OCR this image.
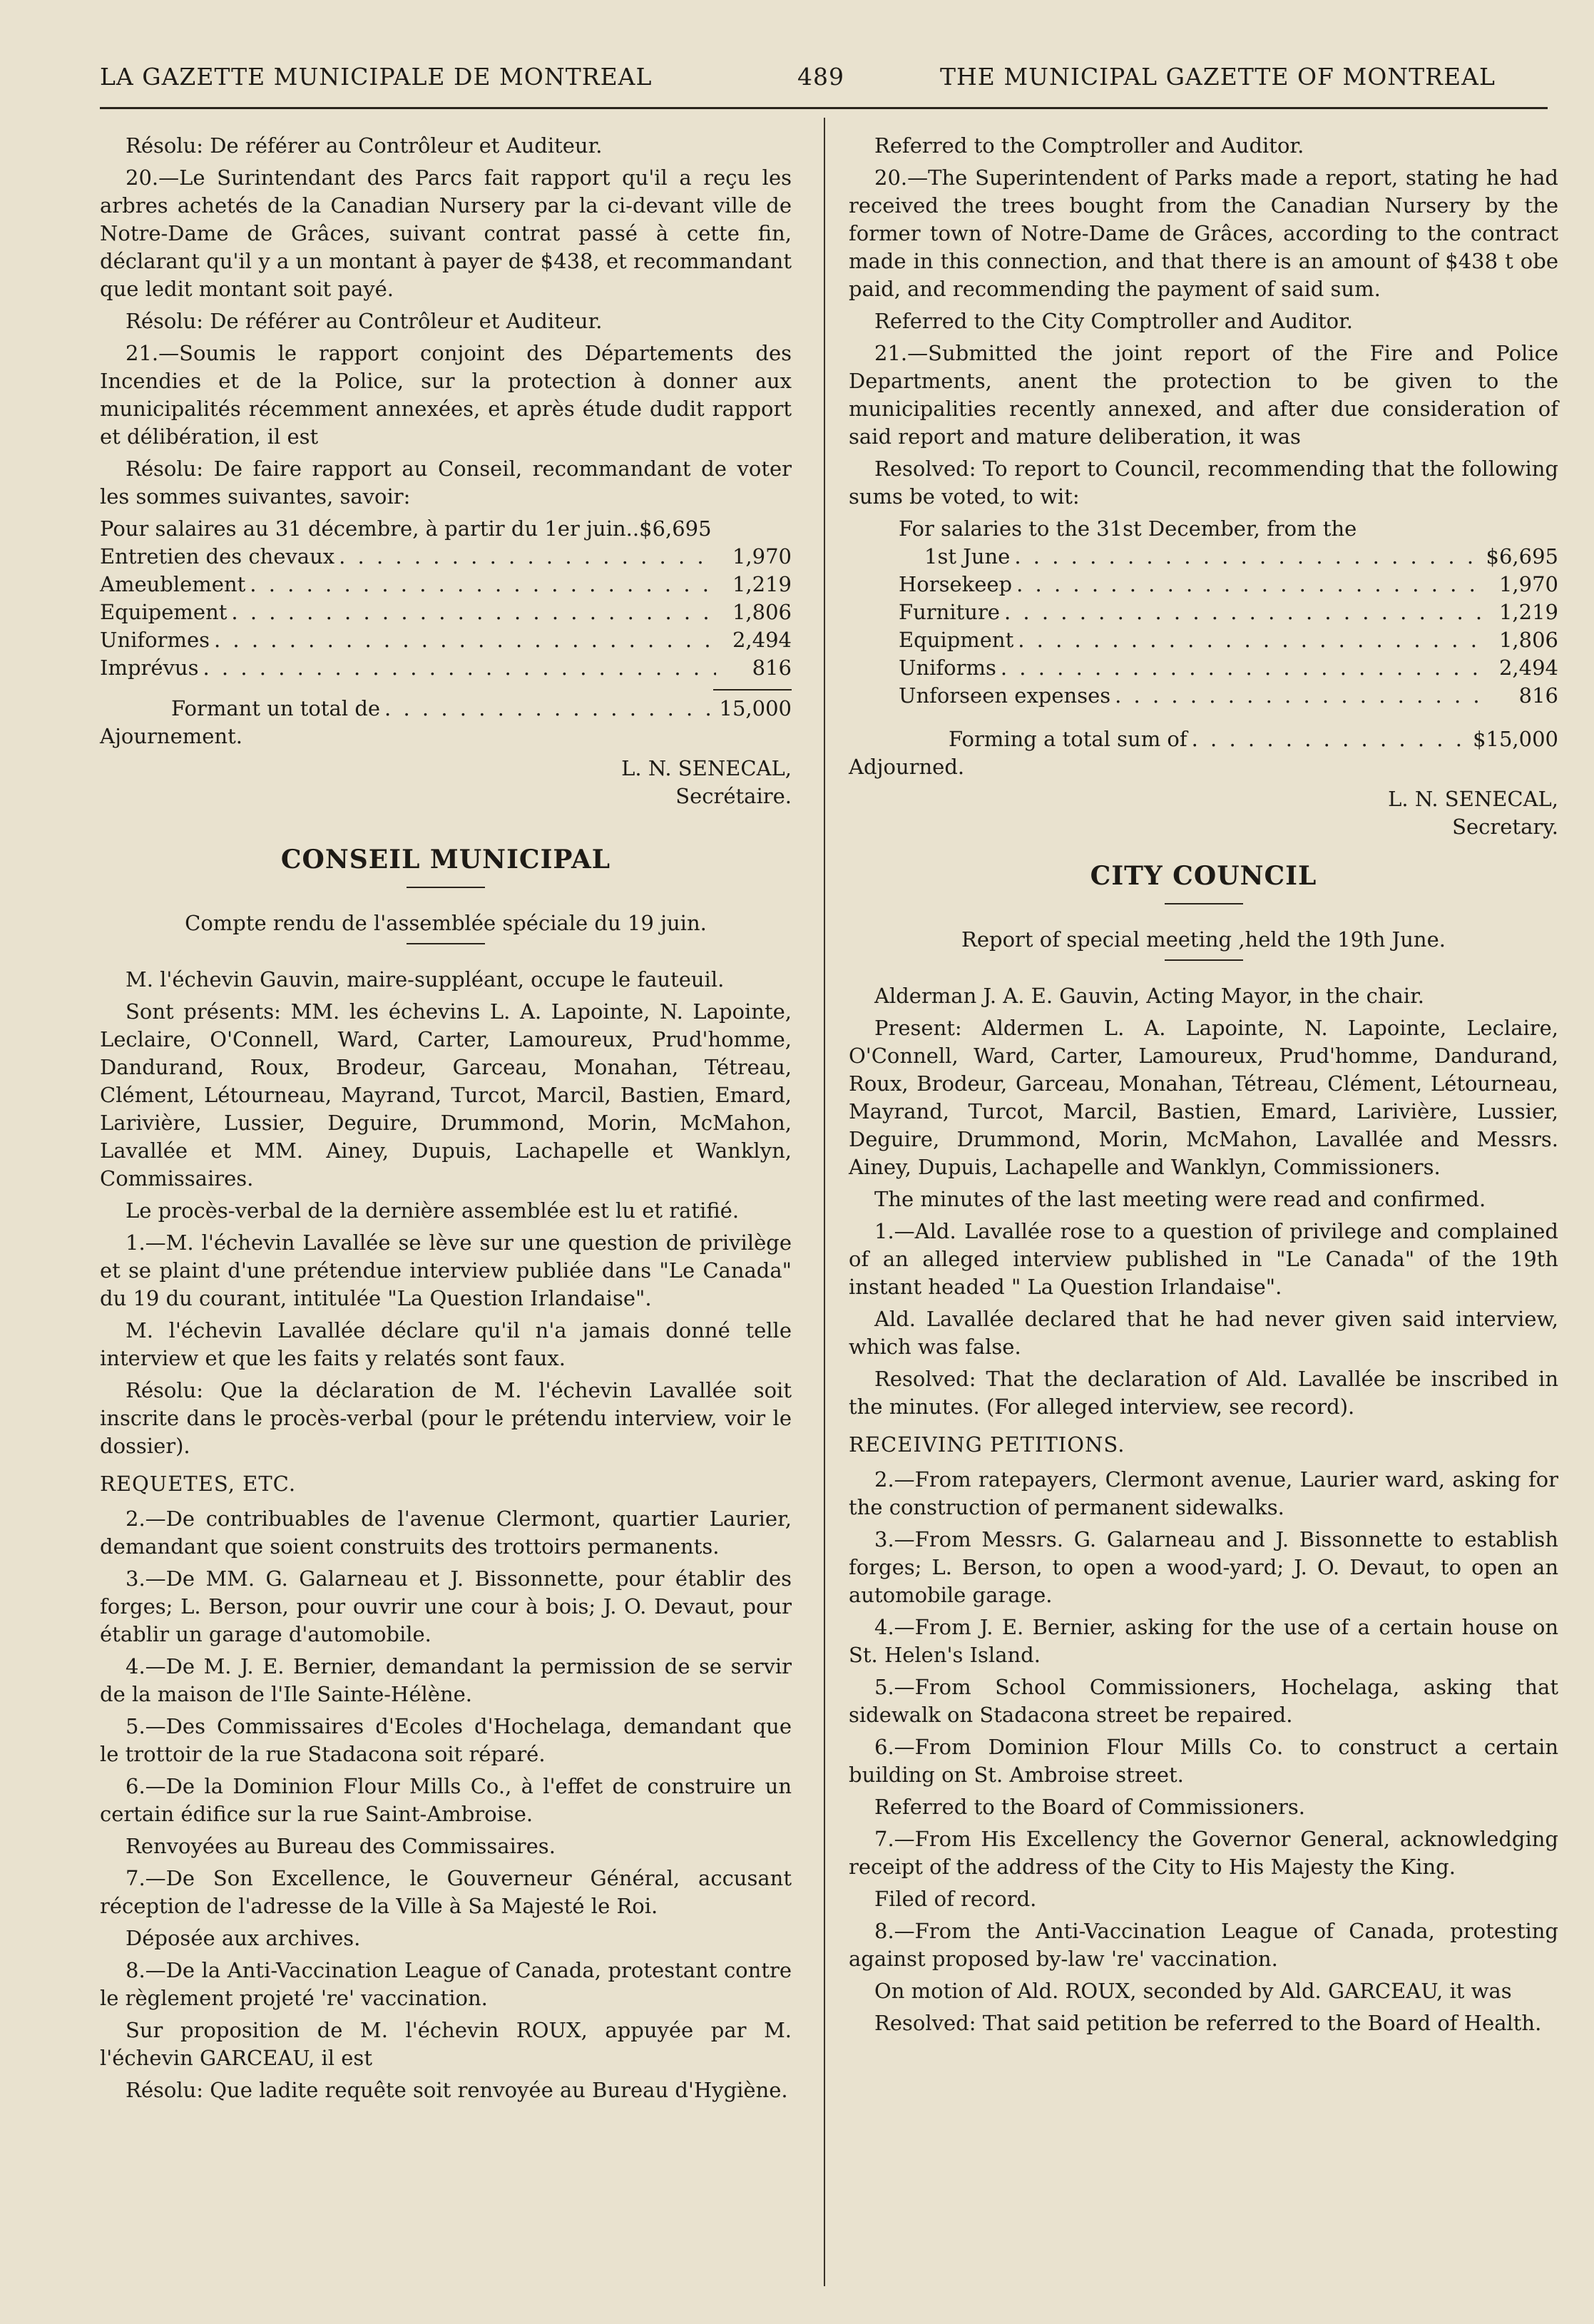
LA GAZETTE MUNICIPALE DE MONTREAL	489	THE MUNICIPAL GAZETTE OF MONTREAL

Résolu: De référer au Contrôleur et Auditeur.

20.—Le Surintendant des Parcs fait rapport qu'il a reçu les arbres achetés de la Canadian Nursery par la ci-devant ville de Notre-Dame de Grâces, suivant contrat passé à cette fin, déclarant qu'il y a un montant à payer de $438, et recommandant que ledit montant soit payé.

Résolu: De référer au Contrôleur et Auditeur.

21.—Soumis le rapport conjoint des Départements des Incendies et de la Police, sur la protection à donner aux municipalités récemment annexées, et après étude dudit rapport et délibération, il est

Résolu: De faire rapport au Conseil, recommandant de voter les sommes suivantes, savoir:

Pour salaires au 31 décembre, à partir du 1er juin.. $6,695
Entretien des chevaux . . .	1,970
Ameublement . . .	1,219
Equipement . . .	1,806
Uniformes . . .	2,494
Imprévus . . .	816
Formant un total de . . .	15,000

Ajournement.

L. N. SENECAL,

Secrétaire.

CONSEIL MUNICIPAL

Compte rendu de l'assemblée spéciale du 19 juin.

M. l'échevin Gauvin, maire-suppléant, occupe le fauteuil.

Sont présents: MM. les échevins L. A. Lapointe, N. Lapointe, Leclaire, O'Connell, Ward, Carter, Lamoureux, Prud'homme, Dandurand, Roux, Brodeur, Garceau, Monahan, Tétreau, Clément, Létourneau, Mayrand, Turcot, Marcil, Bastien, Emard, Larivière, Lussier, Deguire, Drummond, Morin, McMahon, Lavallée et MM. Ainey, Dupuis, Lachapelle et Wanklyn, Commissaires.

Le procès-verbal de la dernière assemblée est lu et ratifié.

1.—M. l'échevin Lavallée se lève sur une question de privilège et se plaint d'une prétendue interview publiée dans "Le Canada" du 19 du courant, intitulée "La Question Irlandaise".

M. l'échevin Lavallée déclare qu'il n'a jamais donné telle interview et que les faits y relatés sont faux.

Résolu: Que la déclaration de M. l'échevin Lavallée soit inscrite dans le procès-verbal (pour le prétendu interview, voir le dossier).

REQUETES, ETC.

2.—De contribuables de l'avenue Clermont, quartier Laurier, demandant que soient construits des trottoirs permanents.

3.—De MM. G. Galarneau et J. Bissonnette, pour établir des forges; L. Berson, pour ouvrir une cour à bois; J. O. Devaut, pour établir un garage d'automobile.

4.—De M. J. E. Bernier, demandant la permission de se servir de la maison de l'Ile Sainte-Hélène.

5.—Des Commissaires d'Ecoles d'Hochelaga, demandant que le trottoir de la rue Stadacona soit réparé.

6.—De la Dominion Flour Mills Co., à l'effet de construire un certain édifice sur la rue Saint-Ambroise.

Renvoyées au Bureau des Commissaires.

7.—De Son Excellence, le Gouverneur Général, accusant réception de l'adresse de la Ville à Sa Majesté le Roi.

Déposée aux archives.

8.—De la Anti-Vaccination League of Canada, protestant contre le règlement projeté 're' vaccination.

Sur proposition de M. l'échevin ROUX, appuyée par M. l'échevin GARCEAU, il est

Résolu: Que ladite requête soit renvoyée au Bureau d'Hygiène.

Referred to the Comptroller and Auditor.

20.—The Superintendent of Parks made a report, stating he had received the trees bought from the Canadian Nursery by the former town of Notre-Dame de Grâces, according to the contract made in this connection, and that there is an amount of $438 t obe paid, and recommending the payment of said sum.

Referred to the City Comptroller and Auditor.

21.—Submitted the joint report of the Fire and Police Departments, anent the protection to be given to the municipalities recently annexed, and after due consideration of said report and mature deliberation, it was

Resolved: To report to Council, recommending that the following sums be voted, to wit:

For salaries to the 31st December, from the

1st June . . .	$6,695
Horsekeep . . .	1,970
Furniture . . .	1,219
Equipment . . .	1,806
Uniforms . . .	2,494
Unforseen expenses . . .	816
Forming a total sum of . . .	$15,000

Adjourned.

L. N. SENECAL,

Secretary.

CITY COUNCIL

Report of special meeting ,held the 19th June.

Alderman J. A. E. Gauvin, Acting Mayor, in the chair.

Present: Aldermen L. A. Lapointe, N. Lapointe, Leclaire, O'Connell, Ward, Carter, Lamoureux, Prud'homme, Dandurand, Roux, Brodeur, Garceau, Monahan, Tétreau, Clément, Létourneau, Mayrand, Turcot, Marcil, Bastien, Emard, Larivière, Lussier, Deguire, Drummond, Morin, McMahon, Lavallée and Messrs. Ainey, Dupuis, Lachapelle and Wanklyn, Commissioners.

The minutes of the last meeting were read and confirmed.

1.—Ald. Lavallée rose to a question of privilege and complained of an alleged interview published in "Le Canada" of the 19th instant headed " La Question Irlandaise".

Ald. Lavallée declared that he had never given said interview, which was false.

Resolved: That the declaration of Ald. Lavallée be inscribed in the minutes. (For alleged interview, see record).

RECEIVING PETITIONS.

2.—From ratepayers, Clermont avenue, Laurier ward, asking for the construction of permanent sidewalks.

3.—From Messrs. G. Galarneau and J. Bissonnette to establish forges; L. Berson, to open a wood-yard; J. O. Devaut, to open an automobile garage.

4.—From J. E. Bernier, asking for the use of a certain house on St. Helen's Island.

5.—From School Commissioners, Hochelaga, asking that sidewalk on Stadacona street be repaired.

6.—From Dominion Flour Mills Co. to construct a certain building on St. Ambroise street.

Referred to the Board of Commissioners.

7.—From His Excellency the Governor General, acknowledging receipt of the address of the City to His Majesty the King.

Filed of record.

8.—From the Anti-Vaccination League of Canada, protesting against proposed by-law 're' vaccination.

On motion of Ald. ROUX, seconded by Ald. GARCEAU, it was

Resolved: That said petition be referred to the Board of Health.
